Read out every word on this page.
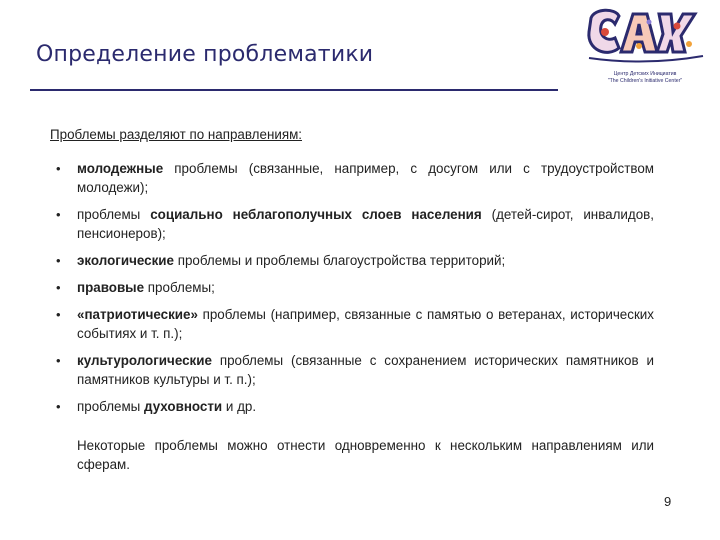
Определение проблематики
Центр Детских Инициатив
"The Children's Initiative Center"
Проблемы разделяют по направлениям:
• молодежные проблемы (связанные, например, с досугом или с трудоустройством молодежи);
• проблемы социально неблагополучных слоев населения (детей-сирот, инвалидов, пенсионеров);
• экологические проблемы и проблемы благоустройства территорий;
• правовые проблемы;
• «патриотические» проблемы (например, связанные с памятью о ветеранах, исторических событиях и т. п.);
• культурологические проблемы (связанные с сохранением исторических памятников и памятников культуры и т. п.);
• проблемы духовности и др.
Некоторые проблемы можно отнести одновременно к нескольким направлениям или сферам.
9
